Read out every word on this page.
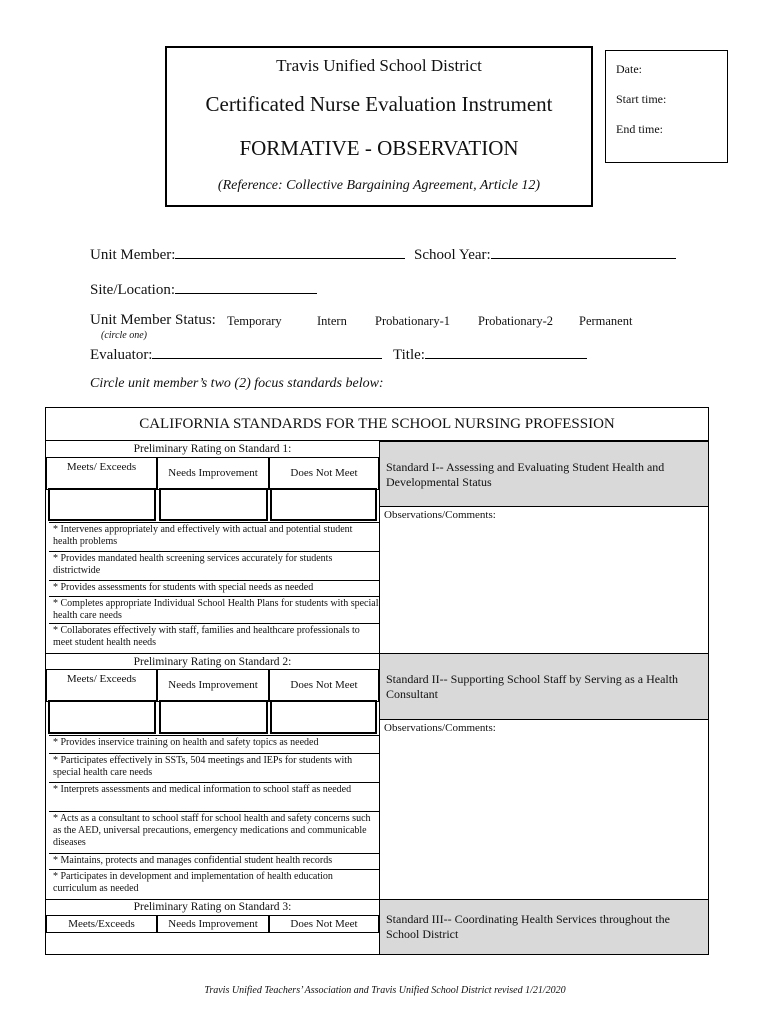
Travis Unified School District
Certificated Nurse Evaluation Instrument
FORMATIVE - OBSERVATION
(Reference: Collective Bargaining Agreement, Article 12)
Date:
Start time:
End time:
Unit Member:	School Year:
Site/Location:
Unit Member Status:
(circle one)
Temporary	Intern Probationary-1 Probationary-2 Permanent
Evaluator:	Title:
Circle unit member’s two (2) focus standards below:
CALIFORNIA STANDARDS FOR THE SCHOOL NURSING PROFESSION
Preliminary Rating on Standard 1:
Meets/ Exceeds	Needs Improvement	Does Not Meet	Standard I-- Assessing and Evaluating Student Health and Developmental Status
Observations/Comments:
* Intervenes appropriately and effectively with actual and potential student health problems
* Provides mandated health screening services accurately for students districtwide
* Provides assessments for students with special needs as needed
* Completes appropriate Individual School Health Plans for students with special health care needs
* Collaborates effectively with staff, families and healthcare professionals to meet student health needs
Preliminary Rating on Standard 2:
Meets/ Exceeds	Needs Improvement	Does Not Meet	Standard II-- Supporting School Staff by Serving as a Health Consultant
Observations/Comments:
* Provides inservice training on health and safety topics as needed
* Participates effectively in SSTs, 504 meetings and IEPs for students with special health care needs
* Interprets assessments and medical information to school staff as needed
* Acts as a consultant to school staff for school health and safety concerns such as the AED, universal precautions, emergency medications and communicable diseases
* Maintains, protects and manages confidential student health records
* Participates in development and implementation of health education curriculum as needed
Preliminary Rating on Standard 3:
Meets/Exceeds	Needs Improvement	Does Not Meet	Standard III-- Coordinating Health Services throughout the School District
Travis Unified Teachers’ Association and Travis Unified School District revised 1/21/2020
